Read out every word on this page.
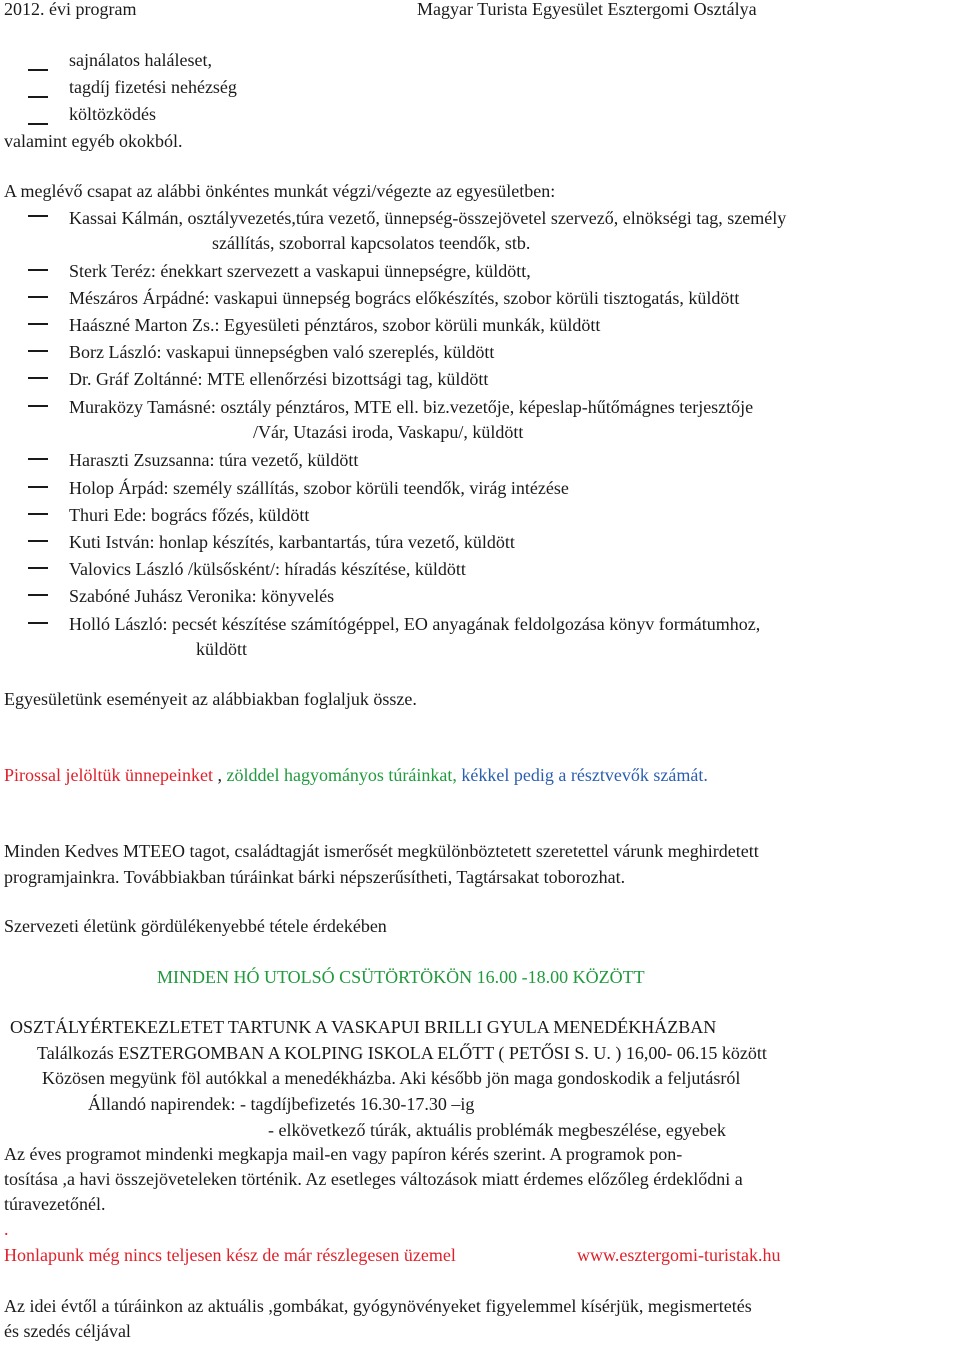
2012. évi program	Magyar Turista Egyesület Esztergomi Osztálya
sajnálatos haláleset,
tagdíj fizetési nehézség
költözködés
valamint egyéb okokból.
A meglévő csapat az alábbi önkéntes munkát végzi/végezte az egyesületben:
Kassai Kálmán, osztályvezetés,túra vezető, ünnepség-összejövetel szervező, elnökségi tag, személy
szállítás, szoborral kapcsolatos teendők, stb.
Sterk Teréz: énekkart szervezett a vaskapui ünnepségre, küldött,
Mészáros Árpádné: vaskapui ünnepség bogrács előkészítés, szobor körüli tisztogatás, küldött
Haászné Marton Zs.: Egyesületi pénztáros, szobor körüli munkák, küldött
Borz László: vaskapui ünnepségben való szereplés, küldött
Dr. Gráf Zoltánné: MTE ellenőrzési bizottsági tag, küldött
Muraközy Tamásné: osztály pénztáros, MTE ell. biz.vezetője, képeslap-hűtőmágnes terjesztője
/Vár, Utazási iroda, Vaskapu/, küldött
Haraszti Zsuzsanna: túra vezető, küldött
Holop Árpád: személy szállítás, szobor körüli teendők, virág intézése
Thuri Ede: bogrács főzés, küldött
Kuti István: honlap készítés, karbantartás, túra vezető, küldött
Valovics László /külsősként/: híradás készítése, küldött
Szabóné Juhász Veronika: könyvelés
Holló László: pecsét készítése számítógéppel, EO anyagának feldolgozása könyv formátumhoz,
küldött
Egyesületünk eseményeit az alábbiakban foglaljuk össze.
Pirossal jelöltük ünnepeinket , zölddel hagyományos túráinkat, kékkel pedig a résztvevők számát.
Minden Kedves MTEEO tagot, családtagját ismerősét megkülönböztetett szeretettel várunk meghirdetett
programjainkra. Továbbiakban túráinkat bárki népszerűsítheti, Tagtársakat toborozhat.
Szervezeti életünk gördülékenyebbé tétele érdekében
MINDEN HÓ UTOLSÓ CSÜTÖRTÖKÖN 16.00 -18.00 KÖZÖTT
OSZTÁLYÉRTEKEZLETET TARTUNK A VASKAPUI BRILLI GYULA MENEDÉKHÁZBAN
Találkozás ESZTERGOMBAN A KOLPING ISKOLA ELŐTT ( PETŐSI S. U. ) 16,00- 06.15 között
Közösen megyünk föl autókkal a menedékházba. Aki később jön maga gondoskodik a feljutásról
Állandó napirendek: - tagdíjbefizetés 16.30-17.30 –ig
- elkövetkező túrák, aktuális problémák megbeszélése, egyebek
Az éves programot mindenki megkapja mail-en vagy papíron kérés szerint. A programok pon-
tosítása ,a havi összejöveteleken történik. Az esetleges változások miatt érdemes előzőleg érdeklődni a
túravezetőnél.
.
Honlapunk még nincs teljesen kész de már részlegesen üzemel	www.esztergomi-turistak.hu
Az idei évtől a túráinkon az aktuális ,gombákat, gyógynövényeket figyelemmel kísérjük, megismertetés
és szedés céljával
